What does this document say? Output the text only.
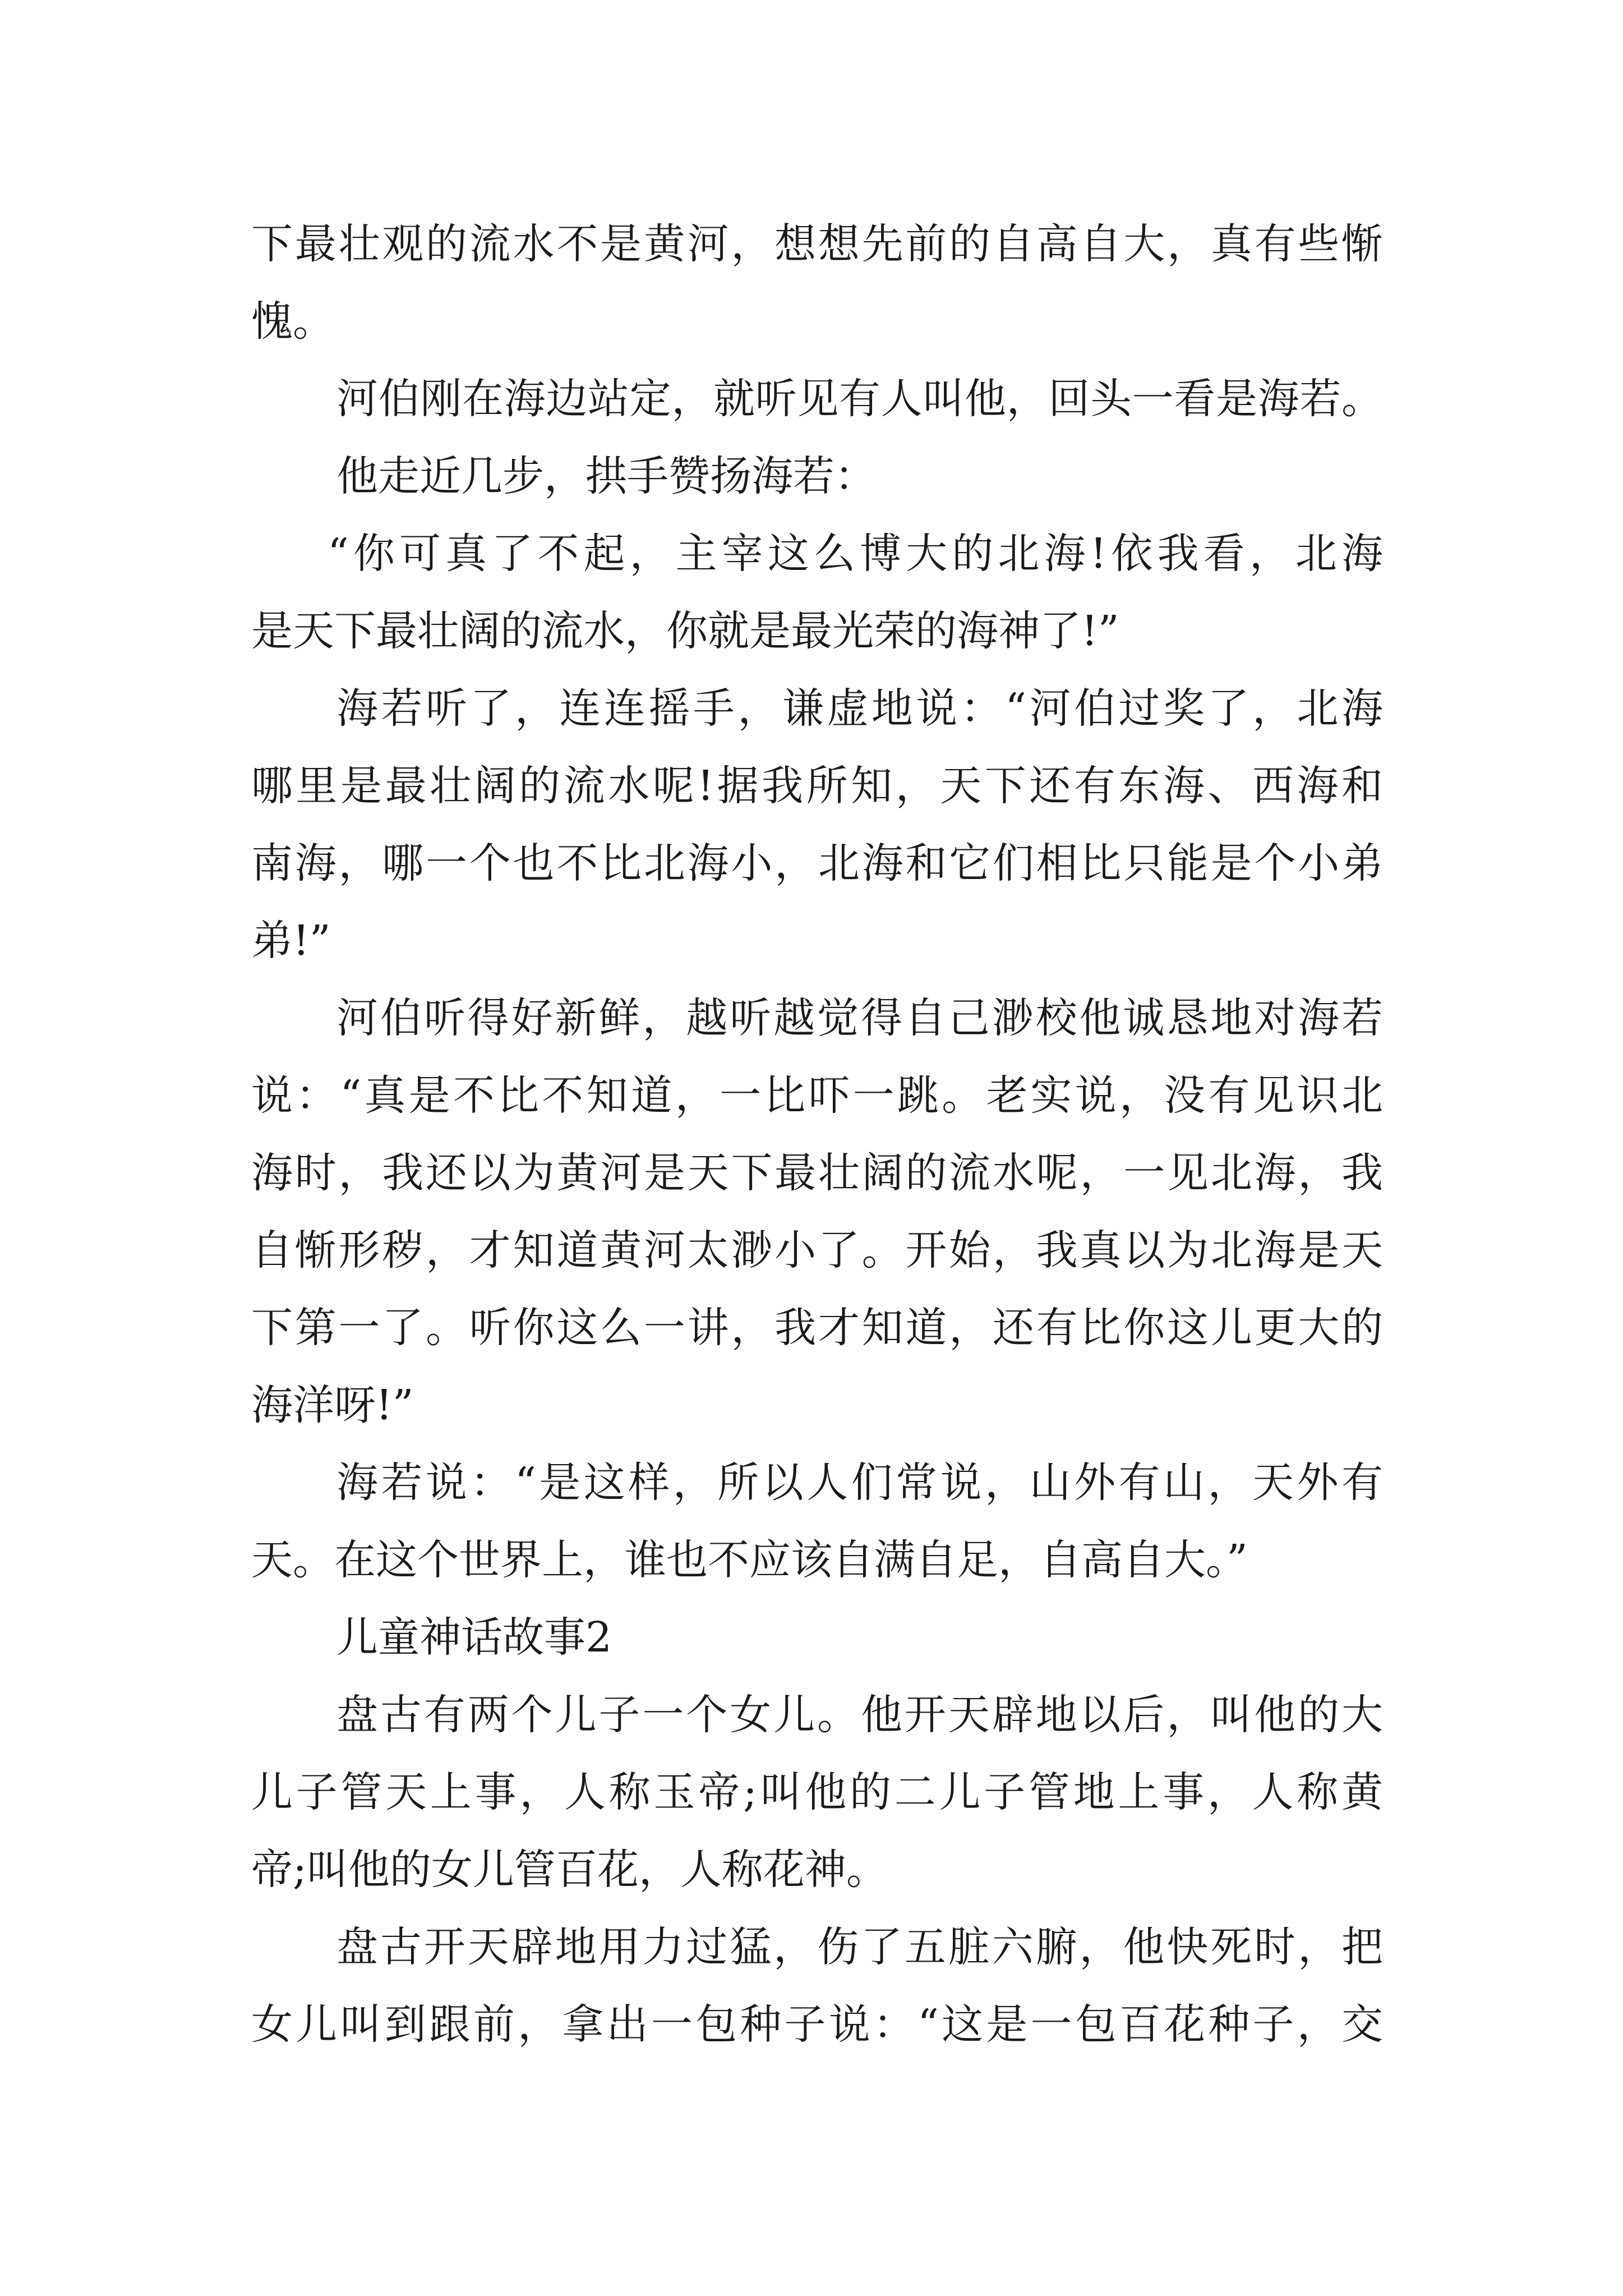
下最壮观的流水不是黄河，想想先前的自高自大，真有些惭
愧。
河伯刚在海边站定，就听见有人叫他，回头一看是海若。
他走近几步，拱手赞扬海若：
“你可真了不起，主宰这么博大的北海!依我看，北海
是天下最壮阔的流水，你就是最光荣的海神了!”
海若听了，连连摇手，谦虚地说：“河伯过奖了，北海
哪里是最壮阔的流水呢!据我所知，天下还有东海、西海和
南海，哪一个也不比北海小，北海和它们相比只能是个小弟
弟!”
河伯听得好新鲜，越听越觉得自己渺校他诚恳地对海若
说：“真是不比不知道，一比吓一跳。老实说，没有见识北
海时，我还以为黄河是天下最壮阔的流水呢，一见北海，我
自惭形秽，才知道黄河太渺小了。开始，我真以为北海是天
下第一了。听你这么一讲，我才知道，还有比你这儿更大的
海洋呀!”
海若说：“是这样，所以人们常说，山外有山，天外有
天。在这个世界上，谁也不应该自满自足，自高自大。”
儿童神话故事2
盘古有两个儿子一个女儿。他开天辟地以后，叫他的大
儿子管天上事，人称玉帝;叫他的二儿子管地上事，人称黄
帝;叫他的女儿管百花，人称花神。
盘古开天辟地用力过猛，伤了五脏六腑，他快死时，把
女儿叫到跟前，拿出一包种子说：“这是一包百花种子，交
